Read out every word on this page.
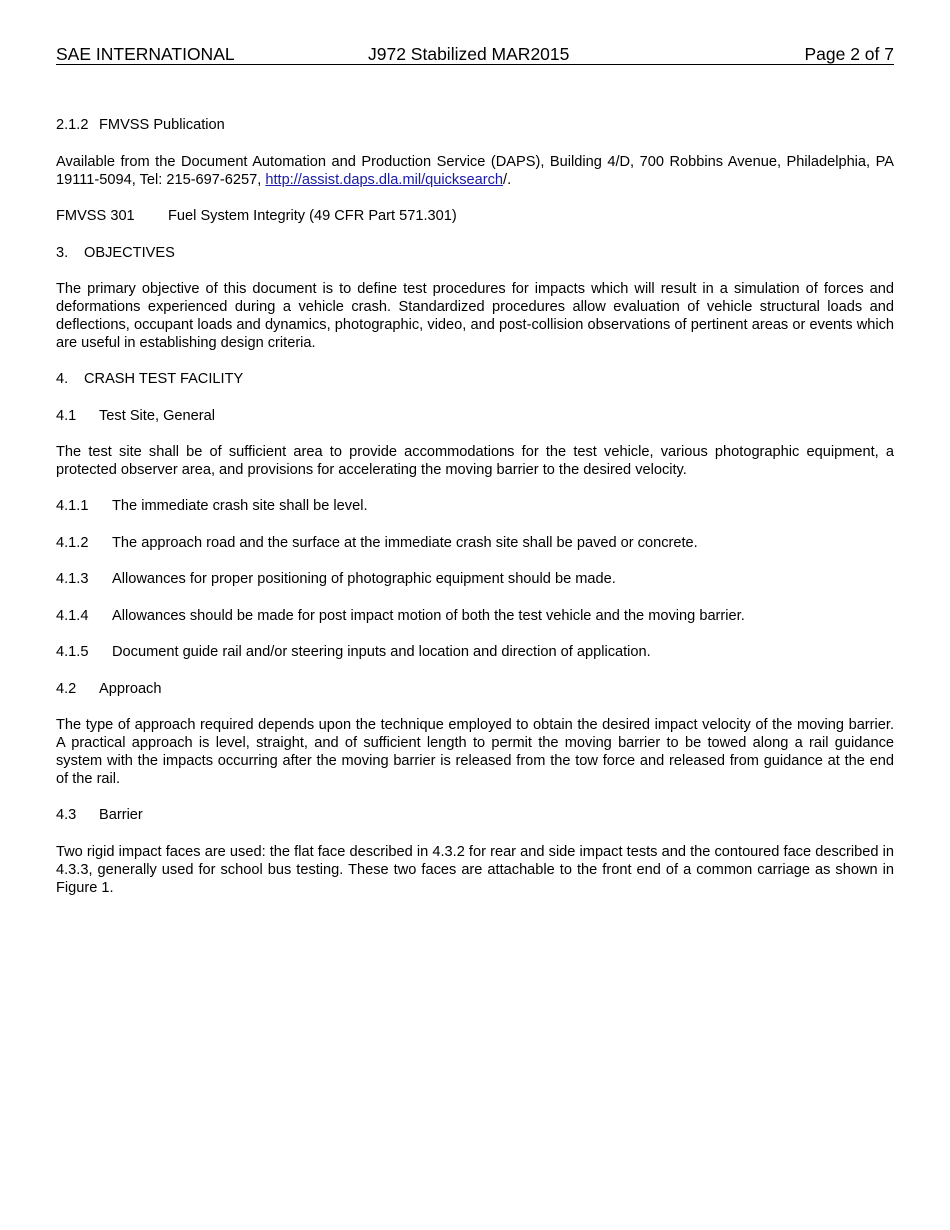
SAE INTERNATIONAL	J972 Stabilized MAR2015	Page 2 of 7
2.1.2 FMVSS Publication
Available from the Document Automation and Production Service (DAPS), Building 4/D, 700 Robbins Avenue, Philadelphia, PA 19111-5094, Tel: 215-697-6257, http://assist.daps.dla.mil/quicksearch/.
FMVSS 301 Fuel System Integrity (49 CFR Part 571.301)
3. OBJECTIVES
The primary objective of this document is to define test procedures for impacts which will result in a simulation of forces and deformations experienced during a vehicle crash. Standardized procedures allow evaluation of vehicle structural loads and deflections, occupant loads and dynamics, photographic, video, and post-collision observations of pertinent areas or events which are useful in establishing design criteria.
4. CRASH TEST FACILITY
4.1 Test Site, General
The test site shall be of sufficient area to provide accommodations for the test vehicle, various photographic equipment, a protected observer area, and provisions for accelerating the moving barrier to the desired velocity.
4.1.1 The immediate crash site shall be level.
4.1.2 The approach road and the surface at the immediate crash site shall be paved or concrete.
4.1.3 Allowances for proper positioning of photographic equipment should be made.
4.1.4 Allowances should be made for post impact motion of both the test vehicle and the moving barrier.
4.1.5 Document guide rail and/or steering inputs and location and direction of application.
4.2 Approach
The type of approach required depends upon the technique employed to obtain the desired impact velocity of the moving barrier. A practical approach is level, straight, and of sufficient length to permit the moving barrier to be towed along a rail guidance system with the impacts occurring after the moving barrier is released from the tow force and released from guidance at the end of the rail.
4.3 Barrier
Two rigid impact faces are used: the flat face described in 4.3.2 for rear and side impact tests and the contoured face described in 4.3.3, generally used for school bus testing. These two faces are attachable to the front end of a common carriage as shown in Figure 1.
